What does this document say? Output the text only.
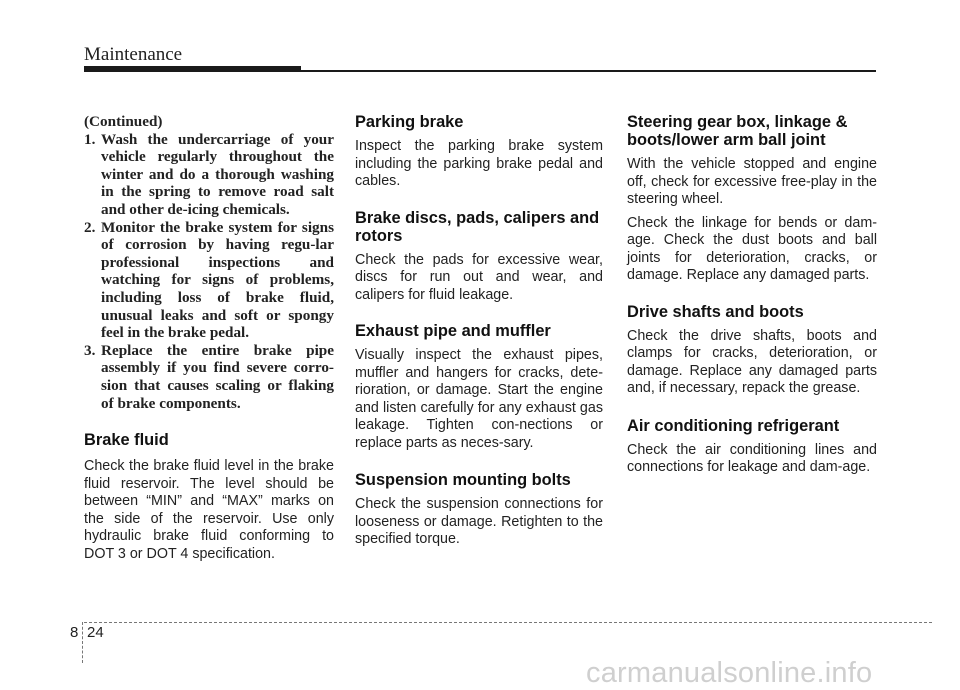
Maintenance

(Continued)

1. Wash the undercarriage of your vehicle regularly throughout the winter and do a thorough washing in the spring to remove road salt and other de-icing chemicals.
2. Monitor the brake system for signs of corrosion by having regu-lar professional inspections and watching for signs of problems, including loss of brake fluid, unusual leaks and soft or spongy feel in the brake pedal.
3. Replace the entire brake pipe assembly if you find severe corro-sion that causes scaling or flaking of brake components.
Brake fluid

Check the brake fluid level in the brake fluid reservoir. The level should be between “MIN” and “MAX” marks on the side of the reservoir. Use only hydraulic brake fluid conforming to DOT 3 or DOT 4 specification.

Parking brake

Inspect the parking brake system including the parking brake pedal and cables.

Brake discs, pads, calipers and rotors

Check the pads for excessive wear, discs for run out and wear, and calipers for fluid leakage.

Exhaust pipe and muffler

Visually inspect the exhaust pipes, muffler and hangers for cracks, dete-rioration, or damage. Start the engine and listen carefully for any exhaust gas leakage. Tighten con-nections or replace parts as neces-sary.

Suspension mounting bolts

Check the suspension connections for looseness or damage. Retighten to the specified torque.

Steering gear box, linkage & boots/lower arm ball joint

With the vehicle stopped and engine off, check for excessive free-play in the steering wheel.

Check the linkage for bends or dam-age. Check the dust boots and ball joints for deterioration, cracks, or damage. Replace any damaged parts.

Drive shafts and boots

Check the drive shafts, boots and clamps for cracks, deterioration, or damage. Replace any damaged parts and, if necessary, repack the grease.

Air conditioning refrigerant

Check the air conditioning lines and connections for leakage and dam-age.

8 24
carmanualsonline.info
